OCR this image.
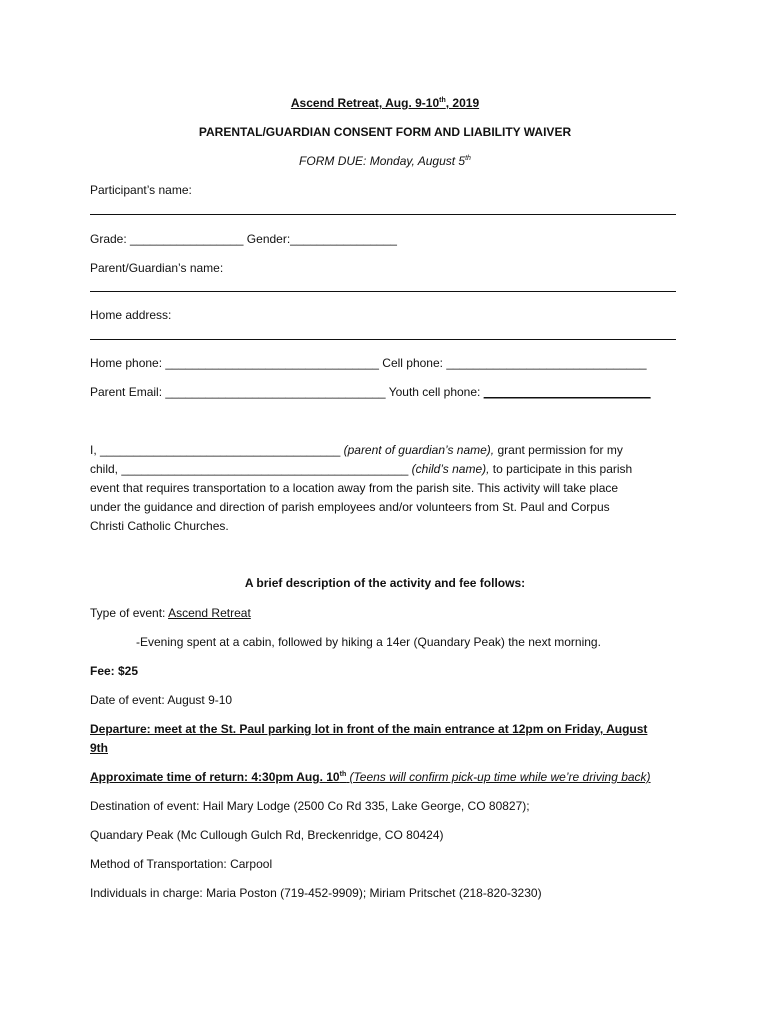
Ascend Retreat, Aug. 9-10th, 2019
PARENTAL/GUARDIAN CONSENT FORM AND LIABILITY WAIVER
FORM DUE: Monday, August 5th
Participant’s name:
Grade: _________________ Gender:________________
Parent/Guardian’s name:
Home address:
Home phone: ________________________________ Cell phone: ______________________________
Parent Email: _________________________________ Youth cell phone: _________________________
I, ____________________________________ (parent of guardian’s name), grant permission for my
child, ___________________________________________ (child’s name), to participate in this parish
event that requires transportation to a location away from the parish site. This activity will take place
under the guidance and direction of parish employees and/or volunteers from St. Paul and Corpus
Christi Catholic Churches.
A brief description of the activity and fee follows:
Type of event: Ascend Retreat
-Evening spent at a cabin, followed by hiking a 14er (Quandary Peak) the next morning.
Fee: $25
Date of event: August 9-10
Departure: meet at the St. Paul parking lot in front of the main entrance at 12pm on Friday, August
9th
Approximate time of return: 4:30pm Aug. 10th (Teens will confirm pick-up time while we’re driving back)
Destination of event: Hail Mary Lodge (2500 Co Rd 335, Lake George, CO 80827);
Quandary Peak (Mc Cullough Gulch Rd, Breckenridge, CO 80424)
Method of Transportation: Carpool
Individuals in charge: Maria Poston (719-452-9909); Miriam Pritschet (218-820-3230)
